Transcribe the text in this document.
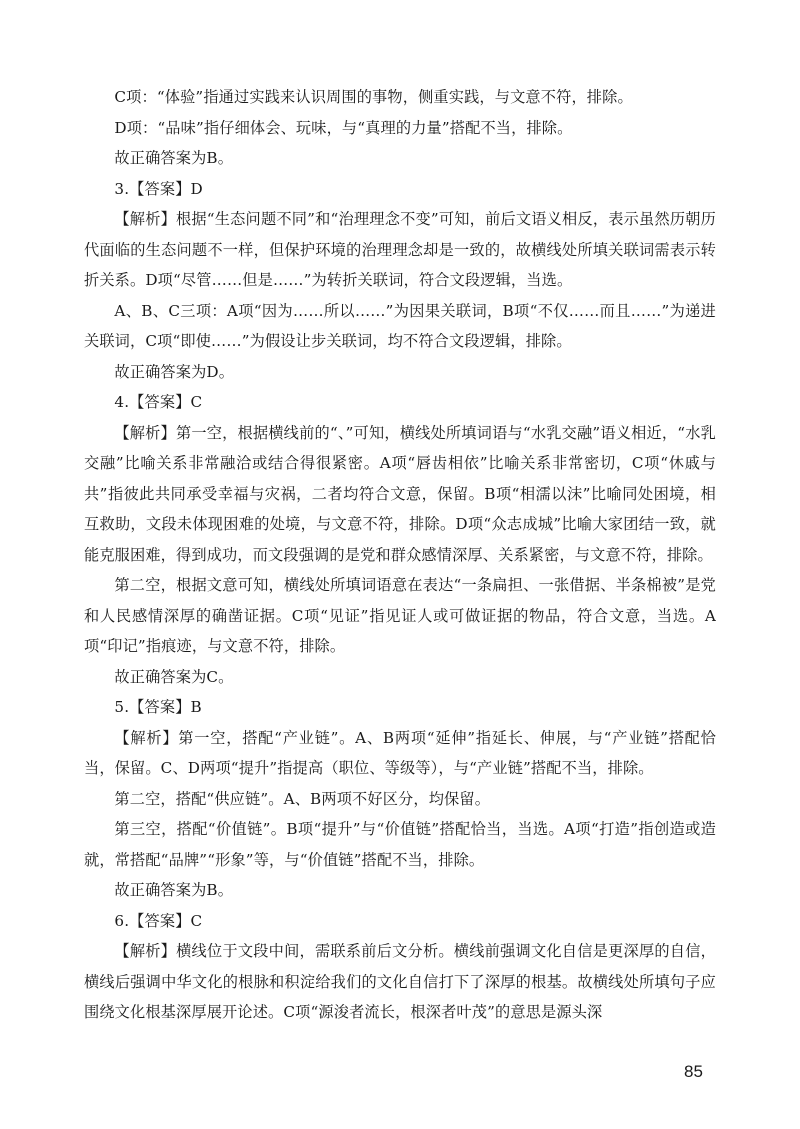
C项：“体验”指通过实践来认识周围的事物，侧重实践，与文意不符，排除。

D项：“品味”指仔细体会、玩味，与“真理的力量”搭配不当，排除。

故正确答案为B。

3.【答案】D

【解析】根据“生态问题不同”和“治理理念不变”可知，前后文语义相反，表示虽然历朝历代面临的生态问题不一样，但保护环境的治理理念却是一致的，故横线处所填关联词需表示转折关系。D项“尽管……但是……”为转折关联词，符合文段逻辑，当选。

A、B、C三项：A项“因为……所以……”为因果关联词，B项“不仅……而且……”为递进关联词，C项“即使……”为假设让步关联词，均不符合文段逻辑，排除。

故正确答案为D。

4.【答案】C

【解析】第一空，根据横线前的“、”可知，横线处所填词语与“水乳交融”语义相近，“水乳交融”比喻关系非常融洽或结合得很紧密。A项“唇齿相依”比喻关系非常密切，C项“休戚与共”指彼此共同承受幸福与灾祸，二者均符合文意，保留。B项“相濡以沫”比喻同处困境，相互救助，文段未体现困难的处境，与文意不符，排除。D项“众志成城”比喻大家团结一致，就能克服困难，得到成功，而文段强调的是党和群众感情深厚、关系紧密，与文意不符，排除。

第二空，根据文意可知，横线处所填词语意在表达“一条扁担、一张借据、半条棉被”是党和人民感情深厚的确凿证据。C项“见证”指见证人或可做证据的物品，符合文意，当选。A项“印记”指痕迹，与文意不符，排除。

故正确答案为C。

5.【答案】B

【解析】第一空，搭配“产业链”。A、B两项“延伸”指延长、伸展，与“产业链”搭配恰当，保留。C、D两项“提升”指提高（职位、等级等），与“产业链”搭配不当，排除。

第二空，搭配“供应链”。A、B两项不好区分，均保留。

第三空，搭配“价值链”。B项“提升”与“价值链”搭配恰当，当选。A项“打造”指创造或造就，常搭配“品牌”“形象”等，与“价值链”搭配不当，排除。

故正确答案为B。

6.【答案】C

【解析】横线位于文段中间，需联系前后文分析。横线前强调文化自信是更深厚的自信，横线后强调中华文化的根脉和积淀给我们的文化自信打下了深厚的根基。故横线处所填句子应围绕文化根基深厚展开论述。C项“源浚者流长，根深者叶茂”的意思是源头深

85
